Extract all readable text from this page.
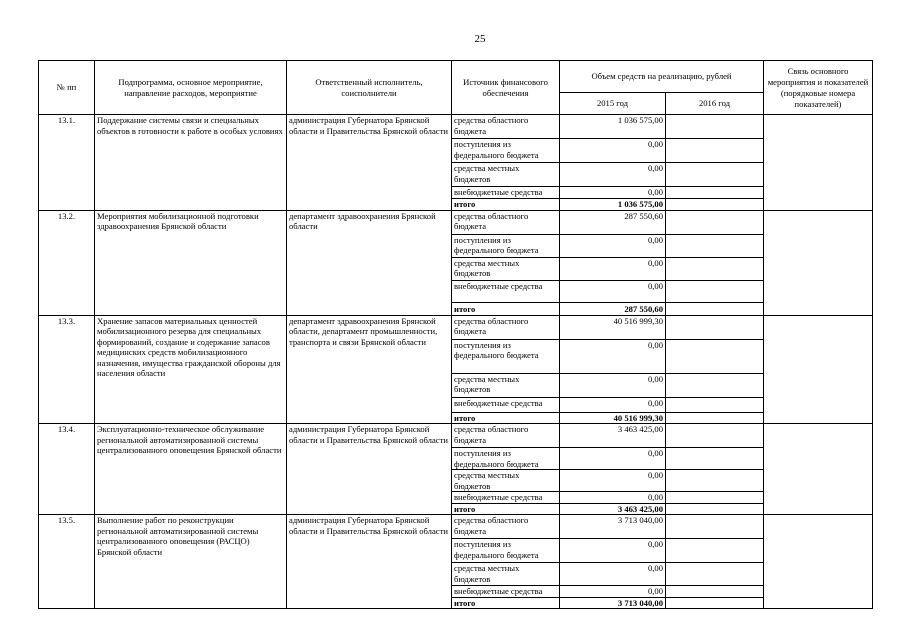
25
№ пп	Подпрограмма, основное мероприятие, направление расходов, мероприятие	Ответственный исполнитель, соисполнители	Источник финансового обеспечения	Объем средств на реализацию, рублей		Связь основного мероприятия и показателей (порядковые номера показателей)
				2015 год	2016 год	
13.1.	Поддержание системы связи и специальных объектов в готовности к работе в особых условиях	администрация Губернатора Брянской области и Правительства Брянской области	средства областного бюджета	1 036 575,00		
			поступления из федерального бюджета	0,00		
			средства местных бюджетов	0,00		
			внебюджетные средства	0,00		
			итого	1 036 575,00		
13.2.	Мероприятия мобилизационной подготовки здравоохранения Брянской области	департамент здравоохранения Брянской области	средства областного бюджета	287 550,60		
			поступления из федерального бюджета	0,00		
			средства местных бюджетов	0,00		
			внебюджетные средства	0,00		
			итого	287 550,60		
13.3.	Хранение запасов материальных ценностей мобилизационного резерва для специальных формирований, создание и содержание запасов медицинских средств мобилизационного назначения, имущества гражданской обороны для населения области	департамент здравоохранения Брянской области, департамент промышленности, транспорта и связи Брянской области	средства областного бюджета	40 516 999,30		
			поступления из федерального бюджета	0,00		
			средства местных бюджетов	0,00		
			внебюджетные средства	0,00		
			итого	40 516 999,30		
13.4.	Эксплуатационно-техническое обслуживание региональной автоматизированной системы централизованного оповещения Брянской области	администрация Губернатора Брянской области и Правительства Брянской области	средства областного бюджета	3 463 425,00		
			поступления из федерального бюджета	0,00		
			средства местных бюджетов	0,00		
			внебюджетные средства	0,00		
			итого	3 463 425,00		
13.5.	Выполнение работ по реконструкции региональной автоматизированной системы централизованного оповещения (РАСЦО) Брянской области	администрация Губернатора Брянской области и Правительства Брянской области	средства областного бюджета	3 713 040,00		
			поступления из федерального бюджета	0,00		
			средства местных бюджетов	0,00		
			внебюджетные средства	0,00		
			итого	3 713 040,00		
